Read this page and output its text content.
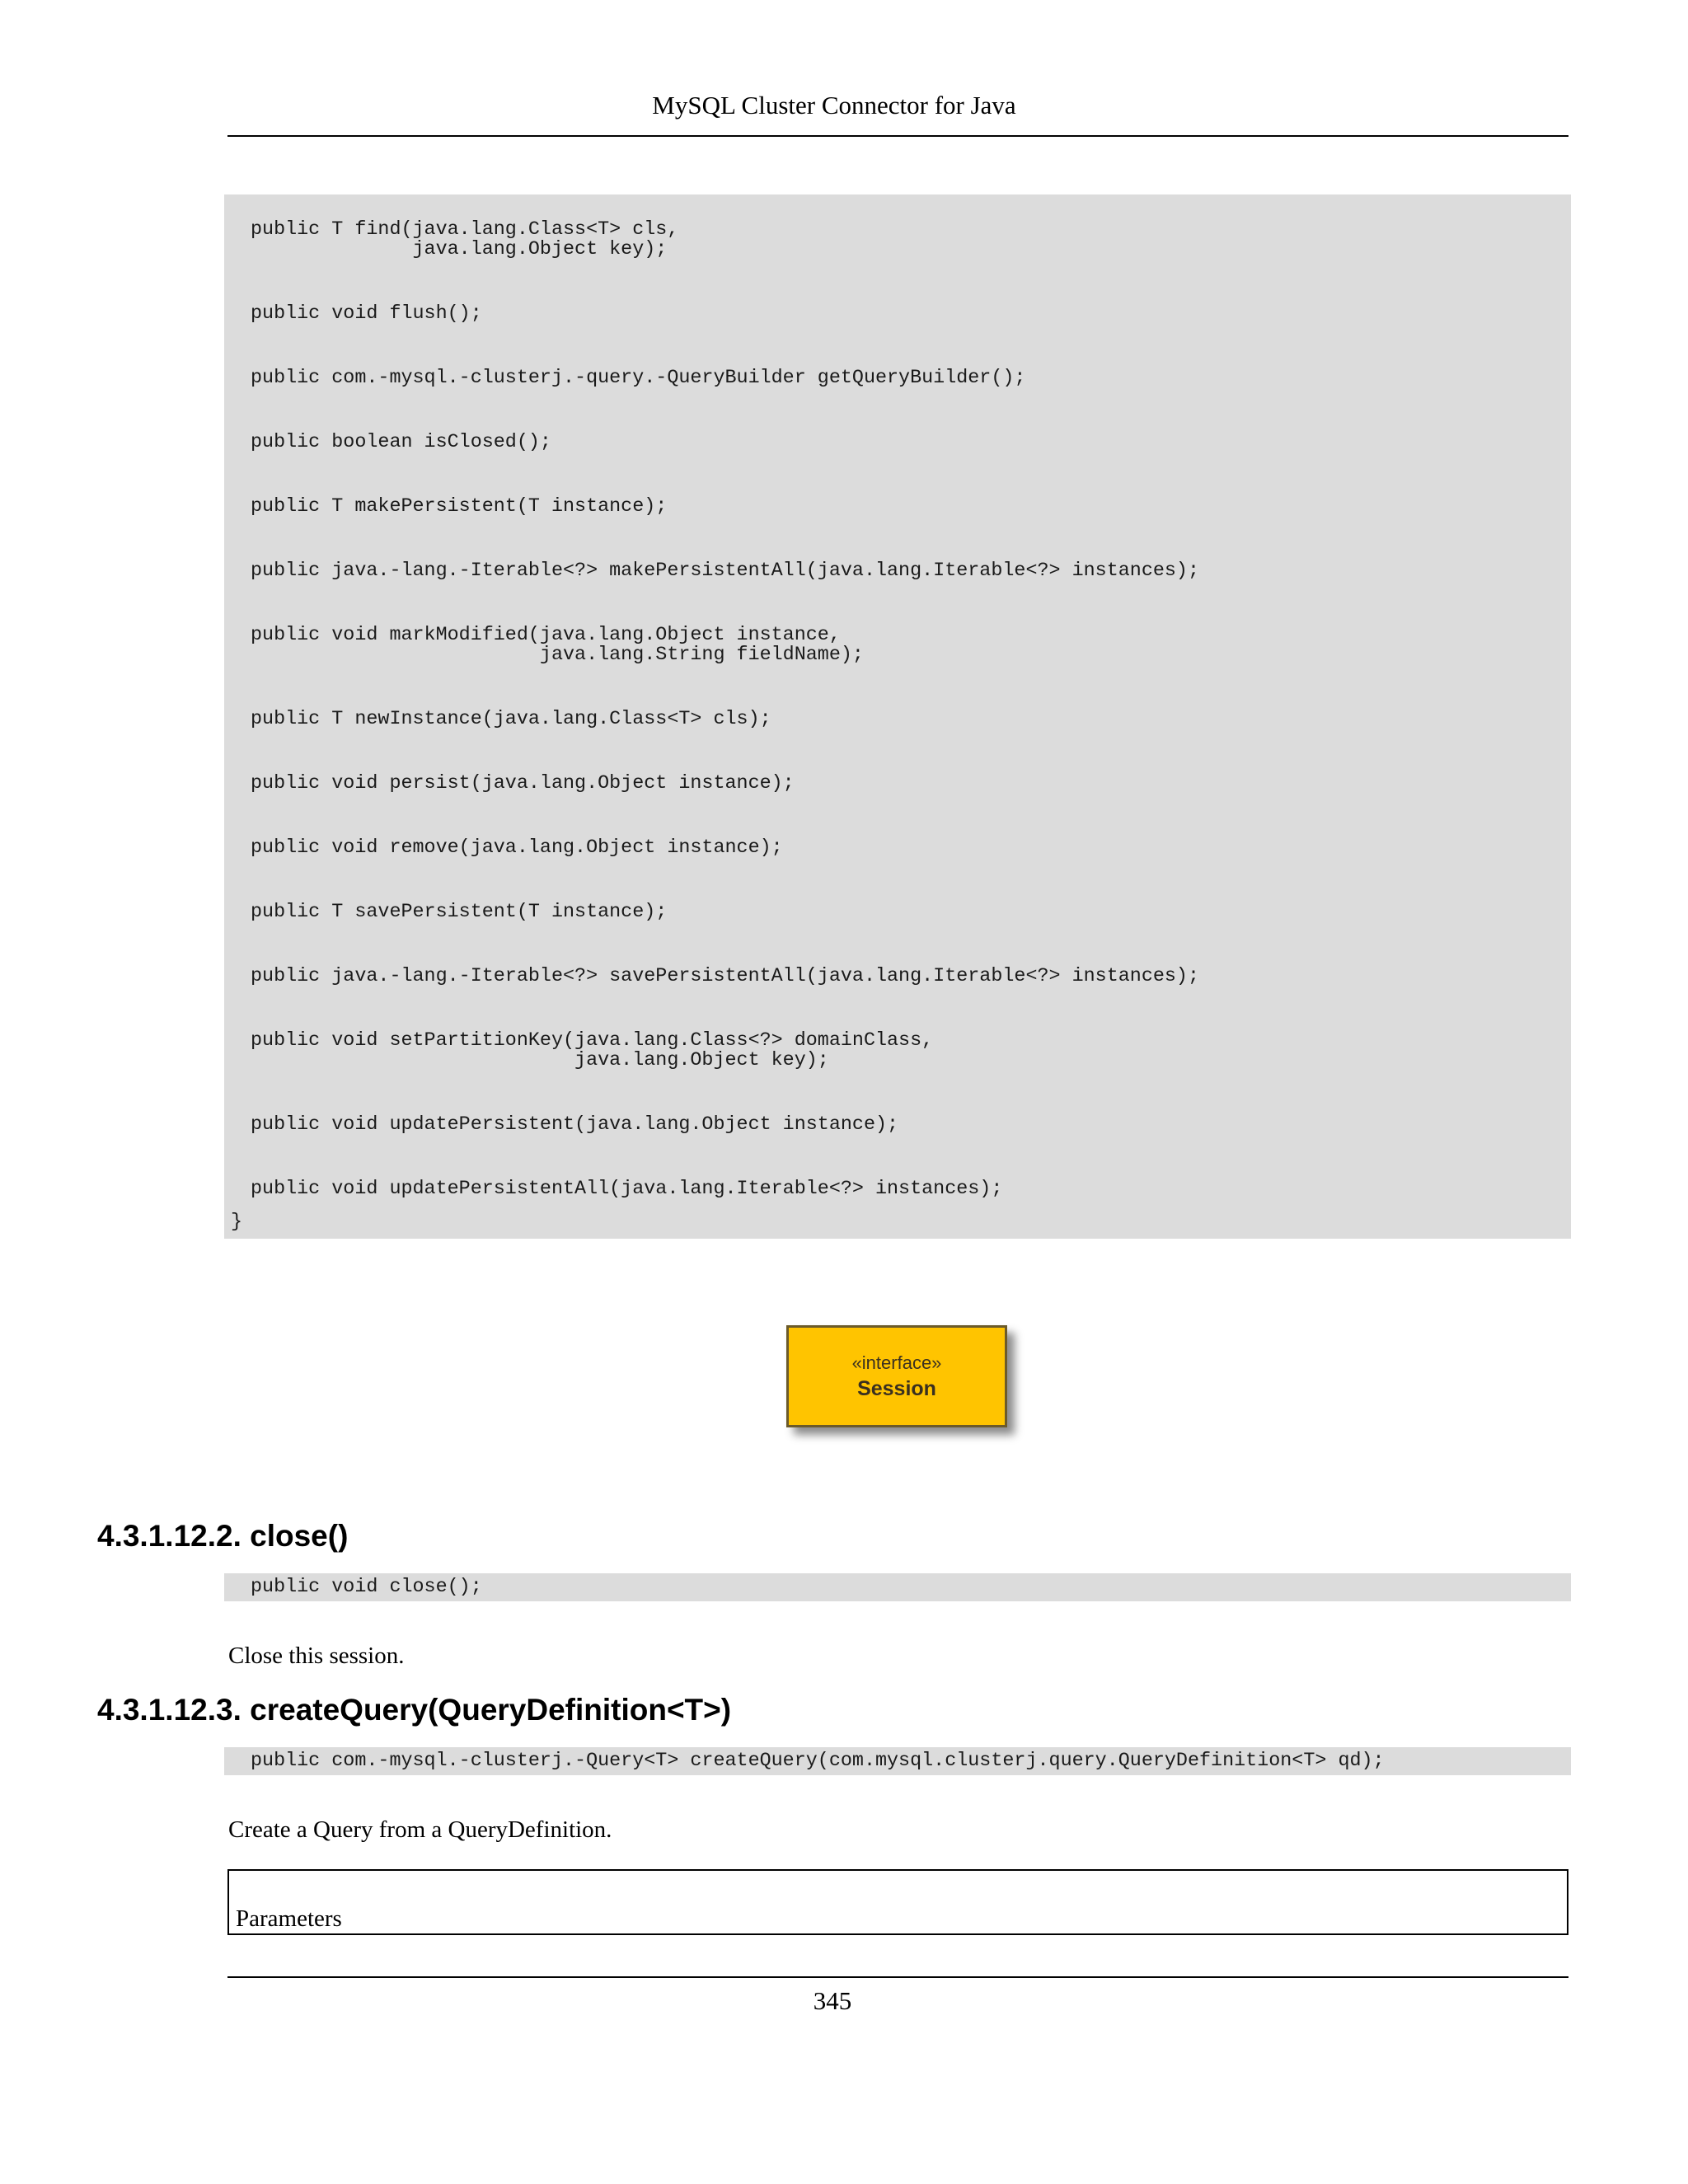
MySQL Cluster Connector for Java
public T find(java.lang.Class<T> cls,
java.lang.Object key);
public void flush();
public com.-mysql.-clusterj.-query.-QueryBuilder getQueryBuilder();
public boolean isClosed();
public T makePersistent(T instance);
public java.-lang.-Iterable<?> makePersistentAll(java.lang.Iterable<?> instances);
public void markModified(java.lang.Object instance,
java.lang.String fieldName);
public T newInstance(java.lang.Class<T> cls);
public void persist(java.lang.Object instance);
public void remove(java.lang.Object instance);
public T savePersistent(T instance);
public java.-lang.-Iterable<?> savePersistentAll(java.lang.Iterable<?> instances);
public void setPartitionKey(java.lang.Class<?> domainClass,
java.lang.Object key);
public void updatePersistent(java.lang.Object instance);
public void updatePersistentAll(java.lang.Iterable<?> instances);
}
«interface»
Session
4.3.1.12.2. close()
public void close();

Close this session.

4.3.1.12.3. createQuery(QueryDefinition<T>)
public com.-mysql.-clusterj.-Query<T> createQuery(com.mysql.clusterj.query.QueryDefinition<T> qd);

Create a Query from a QueryDefinition.

Parameters
345
